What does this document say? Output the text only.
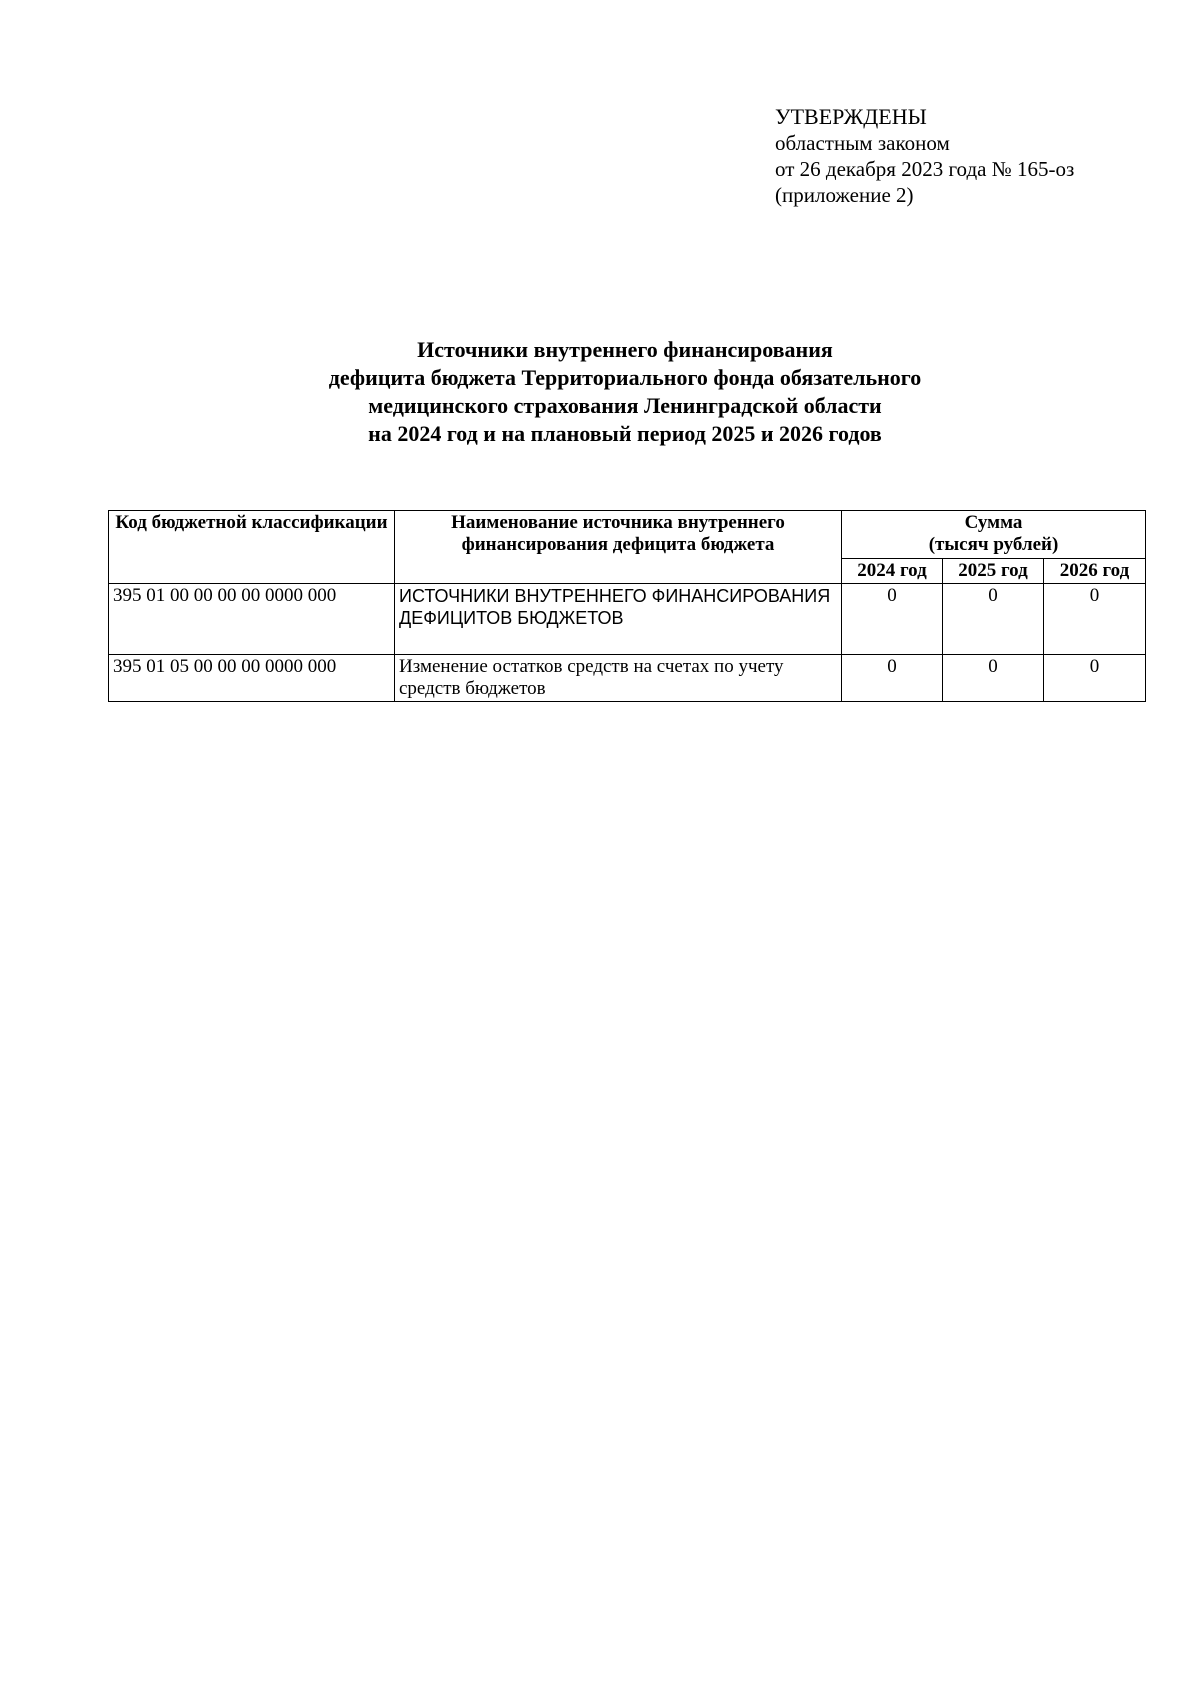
УТВЕРЖДЕНЫ
областным законом
от 26 декабря 2023 года № 165-оз
(приложение 2)
Источники внутреннего финансирования
дефицита бюджета Территориального фонда обязательного
медицинского страхования Ленинградской области
на 2024 год и на плановый период 2025 и 2026 годов
Код бюджетной классификации	Наименование источника внутреннего финансирования дефицита бюджета	Сумма
(тысяч рублей)		
		2024 год	2025 год	2026 год
395 01 00 00 00 00 0000 000	ИСТОЧНИКИ ВНУТРЕННЕГО ФИНАНСИРОВАНИЯ ДЕФИЦИТОВ БЮДЖЕТОВ	0	0	0
395 01 05 00 00 00 0000 000	Изменение остатков средств на счетах по учету средств бюджетов	0	0	0
